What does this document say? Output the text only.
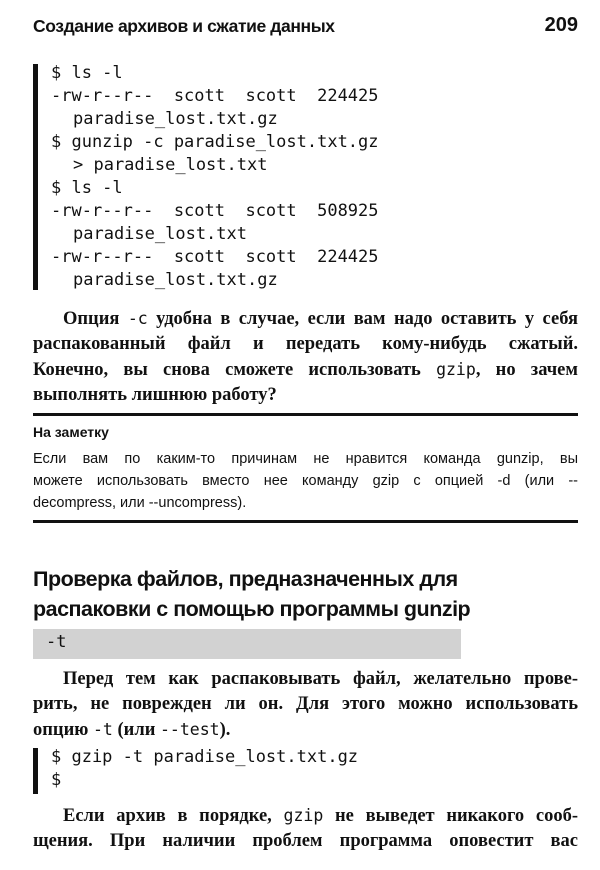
Создание архивов и сжатие данных	209
$ ls -l
-rw-r--r--  scott  scott  224425
paradise_lost.txt.gz
$ gunzip -c paradise_lost.txt.gz
> paradise_lost.txt
$ ls -l
-rw-r--r--  scott  scott  508925
paradise_lost.txt
-rw-r--r--  scott  scott  224425
paradise_lost.txt.gz
Опция -c удобна в случае, если вам надо оставить у себя
распакованный файл и передать кому-нибудь сжатый.
Конечно, вы снова сможете использовать gzip, но зачем
выполнять лишнюю работу?
На заметку
Если вам по каким-то причинам не нравится команда gunzip, вы
можете использовать вместо нее команду gzip с опцией -d (или --
decompress, или --uncompress).
Проверка файлов, предназначенных для
распаковки с помощью программы gunzip
-t
Перед тем как распаковывать файл, желательно прове-
рить, не поврежден ли он. Для этого можно использовать
опцию -t (или --test).
$ gzip -t paradise_lost.txt.gz
$
Если архив в порядке, gzip не выведет никакого сооб-
щения. При наличии проблем программа оповестит вас
